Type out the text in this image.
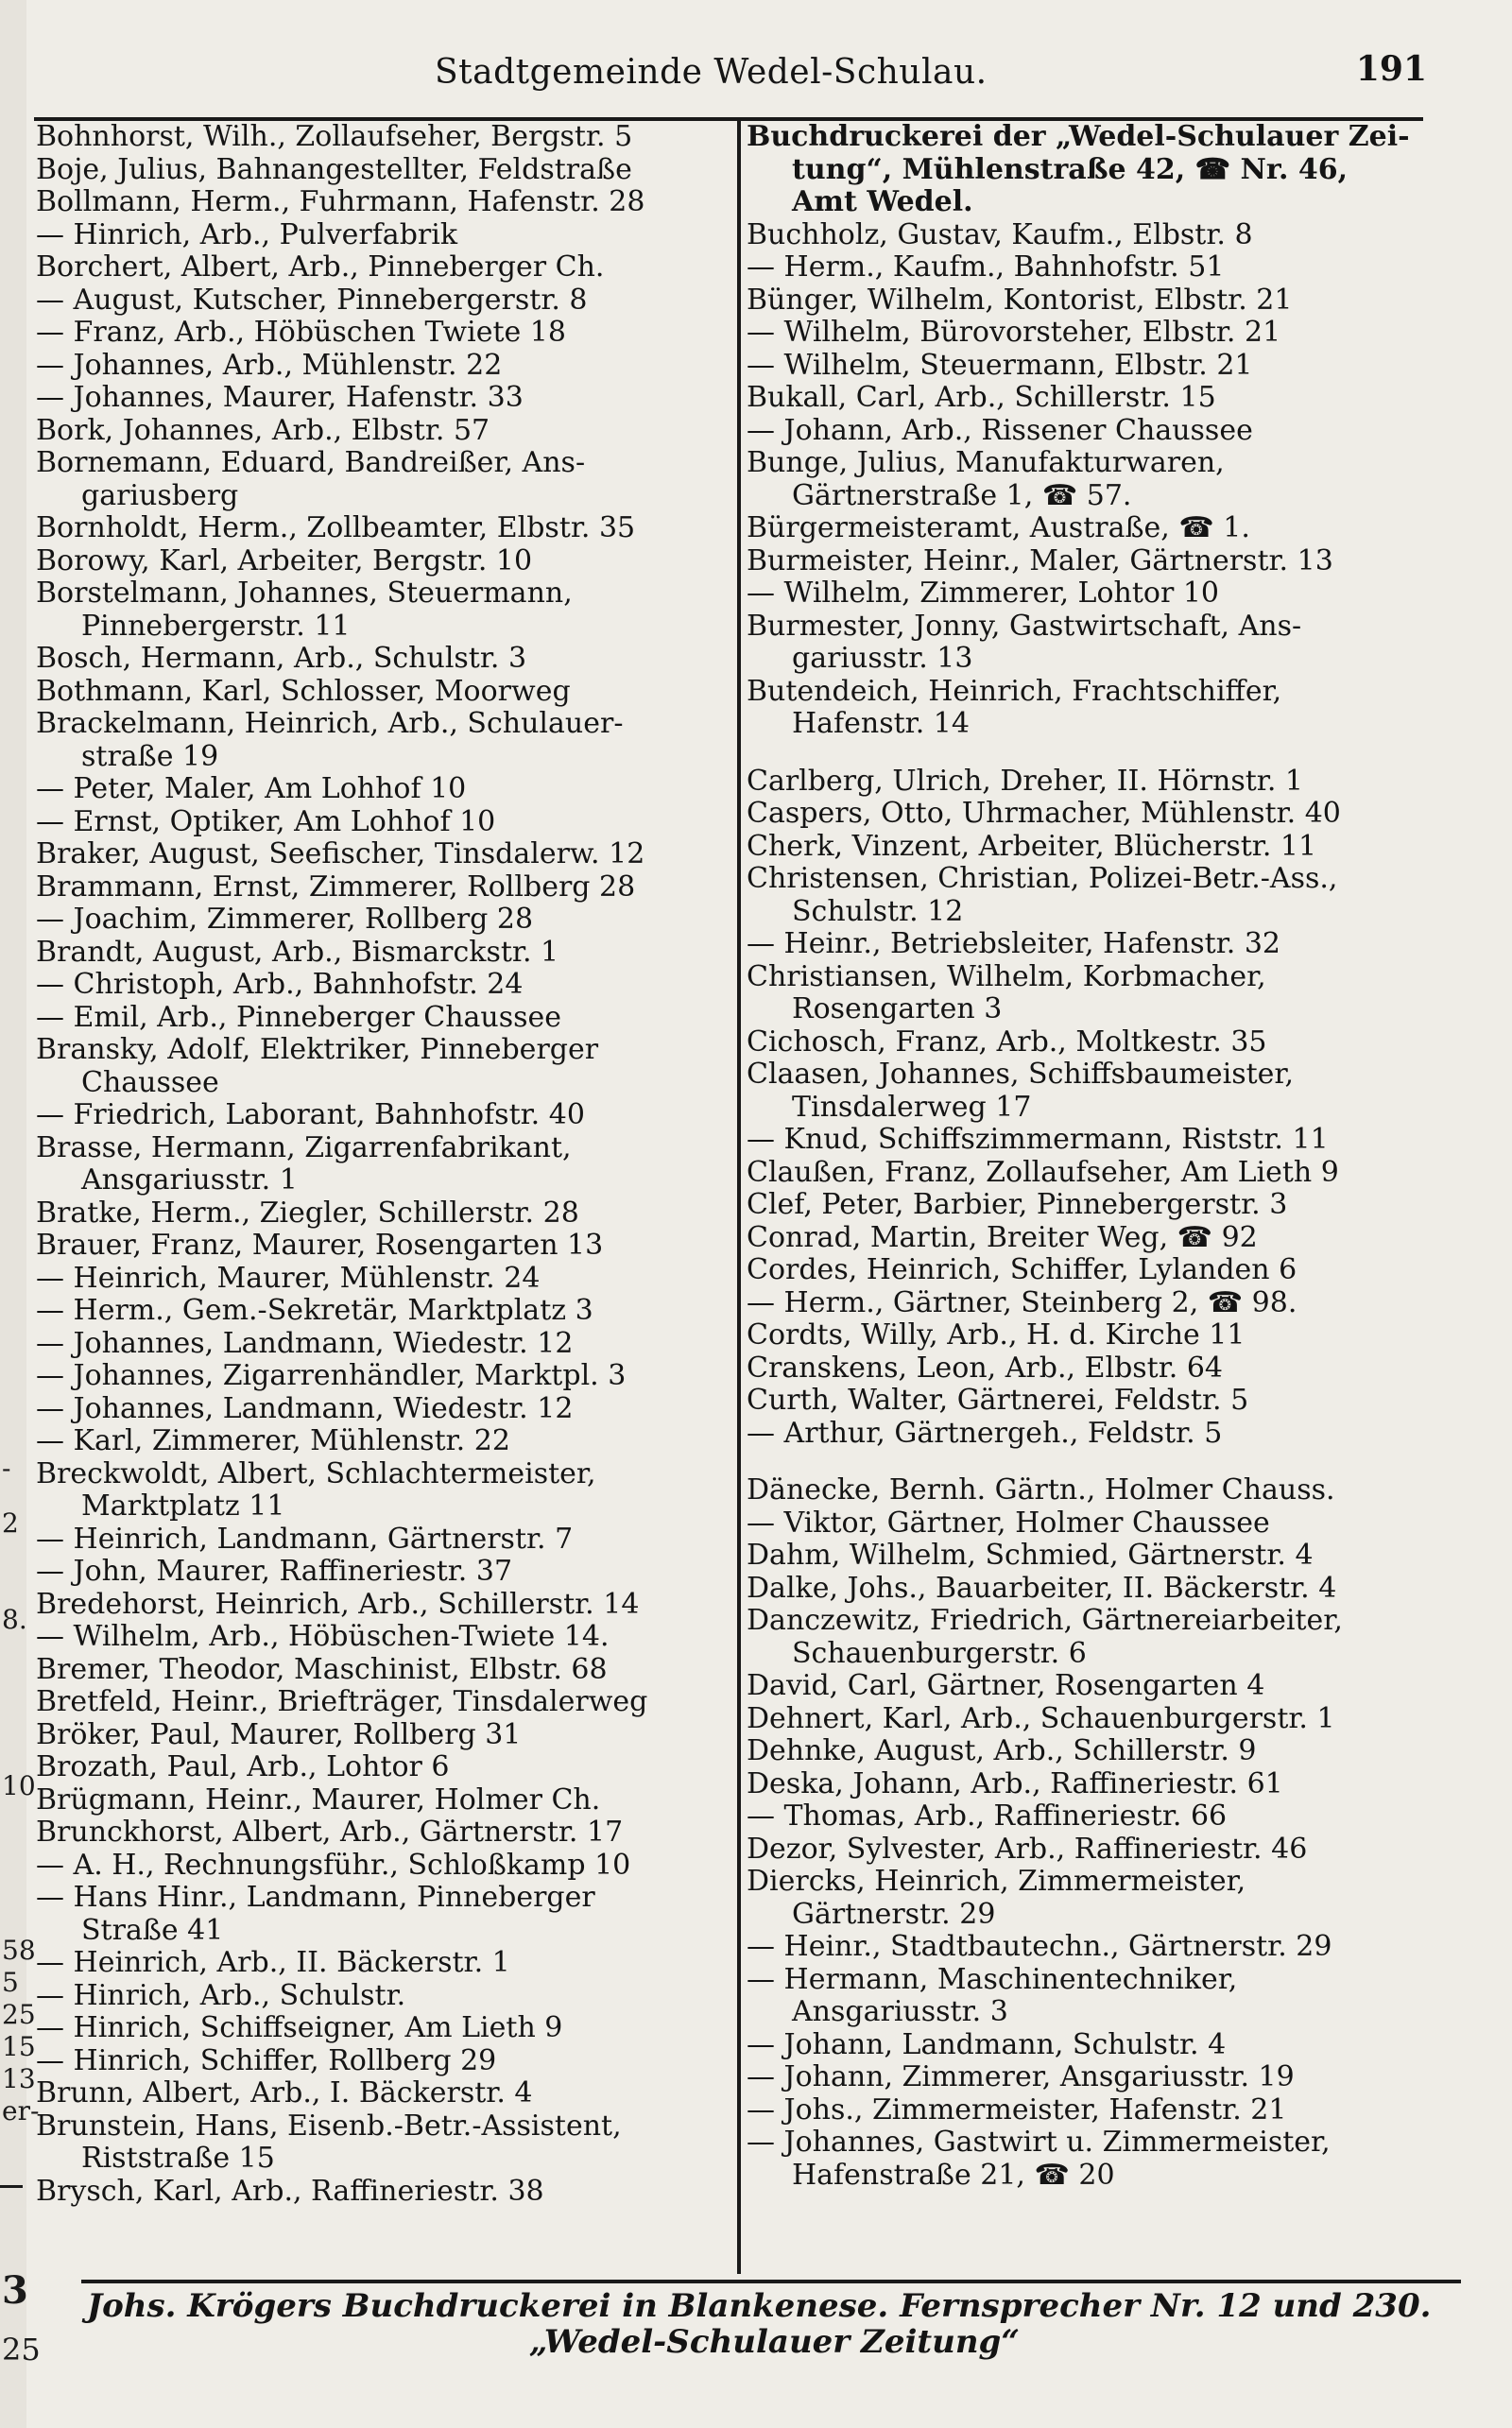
-
2
8.
10
58
5
25
15
13
er-
3
25
Stadtgemeinde Wedel-Schulau.	191
Bohnhorst, Wilh., Zollaufseher, Bergstr. 5
Boje, Julius, Bahnangestellter, Feldstraße
Bollmann, Herm., Fuhrmann, Hafenstr. 28
— Hinrich, Arb., Pulverfabrik
Borchert, Albert, Arb., Pinneberger Ch.
— August, Kutscher, Pinnebergerstr. 8
— Franz, Arb., Höbüschen Twiete 18
— Johannes, Arb., Mühlenstr. 22
— Johannes, Maurer, Hafenstr. 33
Bork, Johannes, Arb., Elbstr. 57
Bornemann, Eduard, Bandreißer, Ans-
gariusberg
Bornholdt, Herm., Zollbeamter, Elbstr. 35
Borowy, Karl, Arbeiter, Bergstr. 10
Borstelmann, Johannes, Steuermann,
Pinnebergerstr. 11
Bosch, Hermann, Arb., Schulstr. 3
Bothmann, Karl, Schlosser, Moorweg
Brackelmann, Heinrich, Arb., Schulauer-
straße 19
— Peter, Maler, Am Lohhof 10
— Ernst, Optiker, Am Lohhof 10
Braker, August, Seefischer, Tinsdalerw. 12
Brammann, Ernst, Zimmerer, Rollberg 28
— Joachim, Zimmerer, Rollberg 28
Brandt, August, Arb., Bismarckstr. 1
— Christoph, Arb., Bahnhofstr. 24
— Emil, Arb., Pinneberger Chaussee
Bransky, Adolf, Elektriker, Pinneberger
Chaussee
— Friedrich, Laborant, Bahnhofstr. 40
Brasse, Hermann, Zigarrenfabrikant,
Ansgariusstr. 1
Bratke, Herm., Ziegler, Schillerstr. 28
Brauer, Franz, Maurer, Rosengarten 13
— Heinrich, Maurer, Mühlenstr. 24
— Herm., Gem.-Sekretär, Marktplatz 3
— Johannes, Landmann, Wiedestr. 12
— Johannes, Zigarrenhändler, Marktpl. 3
— Johannes, Landmann, Wiedestr. 12
— Karl, Zimmerer, Mühlenstr. 22
Breckwoldt, Albert, Schlachtermeister,
Marktplatz 11
— Heinrich, Landmann, Gärtnerstr. 7
— John, Maurer, Raffineriestr. 37
Bredehorst, Heinrich, Arb., Schillerstr. 14
— Wilhelm, Arb., Höbüschen-Twiete 14.
Bremer, Theodor, Maschinist, Elbstr. 68
Bretfeld, Heinr., Briefträger, Tinsdalerweg
Bröker, Paul, Maurer, Rollberg 31
Brozath, Paul, Arb., Lohtor 6
Brügmann, Heinr., Maurer, Holmer Ch.
Brunckhorst, Albert, Arb., Gärtnerstr. 17
— A. H., Rechnungsführ., Schloßkamp 10
— Hans Hinr., Landmann, Pinneberger
Straße 41
— Heinrich, Arb., II. Bäckerstr. 1
— Hinrich, Arb., Schulstr.
— Hinrich, Schiffseigner, Am Lieth 9
— Hinrich, Schiffer, Rollberg 29
Brunn, Albert, Arb., I. Bäckerstr. 4
Brunstein, Hans, Eisenb.-Betr.-Assistent,
Riststraße 15
Brysch, Karl, Arb., Raffineriestr. 38
Buchdruckerei der „Wedel-Schulauer Zei-
tung“, Mühlenstraße 42, ☎ Nr. 46,
Amt Wedel.
Buchholz, Gustav, Kaufm., Elbstr. 8
— Herm., Kaufm., Bahnhofstr. 51
Bünger, Wilhelm, Kontorist, Elbstr. 21
— Wilhelm, Bürovorsteher, Elbstr. 21
— Wilhelm, Steuermann, Elbstr. 21
Bukall, Carl, Arb., Schillerstr. 15
— Johann, Arb., Rissener Chaussee
Bunge, Julius, Manufakturwaren,
Gärtnerstraße 1, ☎ 57.
Bürgermeisteramt, Austraße, ☎ 1.
Burmeister, Heinr., Maler, Gärtnerstr. 13
— Wilhelm, Zimmerer, Lohtor 10
Burmester, Jonny, Gastwirtschaft, Ans-
gariusstr. 13
Butendeich, Heinrich, Frachtschiffer,
Hafenstr. 14
Carlberg, Ulrich, Dreher, II. Hörnstr. 1
Caspers, Otto, Uhrmacher, Mühlenstr. 40
Cherk, Vinzent, Arbeiter, Blücherstr. 11
Christensen, Christian, Polizei-Betr.-Ass.,
Schulstr. 12
— Heinr., Betriebsleiter, Hafenstr. 32
Christiansen, Wilhelm, Korbmacher,
Rosengarten 3
Cichosch, Franz, Arb., Moltkestr. 35
Claasen, Johannes, Schiffsbaumeister,
Tinsdalerweg 17
— Knud, Schiffszimmermann, Riststr. 11
Claußen, Franz, Zollaufseher, Am Lieth 9
Clef, Peter, Barbier, Pinnebergerstr. 3
Conrad, Martin, Breiter Weg, ☎ 92
Cordes, Heinrich, Schiffer, Lylanden 6
— Herm., Gärtner, Steinberg 2, ☎ 98.
Cordts, Willy, Arb., H. d. Kirche 11
Cranskens, Leon, Arb., Elbstr. 64
Curth, Walter, Gärtnerei, Feldstr. 5
— Arthur, Gärtnergeh., Feldstr. 5
Dänecke, Bernh. Gärtn., Holmer Chauss.
— Viktor, Gärtner, Holmer Chaussee
Dahm, Wilhelm, Schmied, Gärtnerstr. 4
Dalke, Johs., Bauarbeiter, II. Bäckerstr. 4
Danczewitz, Friedrich, Gärtnereiarbeiter,
Schauenburgerstr. 6
David, Carl, Gärtner, Rosengarten 4
Dehnert, Karl, Arb., Schauenburgerstr. 1
Dehnke, August, Arb., Schillerstr. 9
Deska, Johann, Arb., Raffineriestr. 61
— Thomas, Arb., Raffineriestr. 66
Dezor, Sylvester, Arb., Raffineriestr. 46
Diercks, Heinrich, Zimmermeister,
Gärtnerstr. 29
— Heinr., Stadtbautechn., Gärtnerstr. 29
— Hermann, Maschinentechniker,
Ansgariusstr. 3
— Johann, Landmann, Schulstr. 4
— Johann, Zimmerer, Ansgariusstr. 19
— Johs., Zimmermeister, Hafenstr. 21
— Johannes, Gastwirt u. Zimmermeister,
Hafenstraße 21, ☎ 20
Johs. Krögers Buchdruckerei in Blankenese. Fernsprecher Nr. 12 und 230.
„Wedel-Schulauer Zeitung“
